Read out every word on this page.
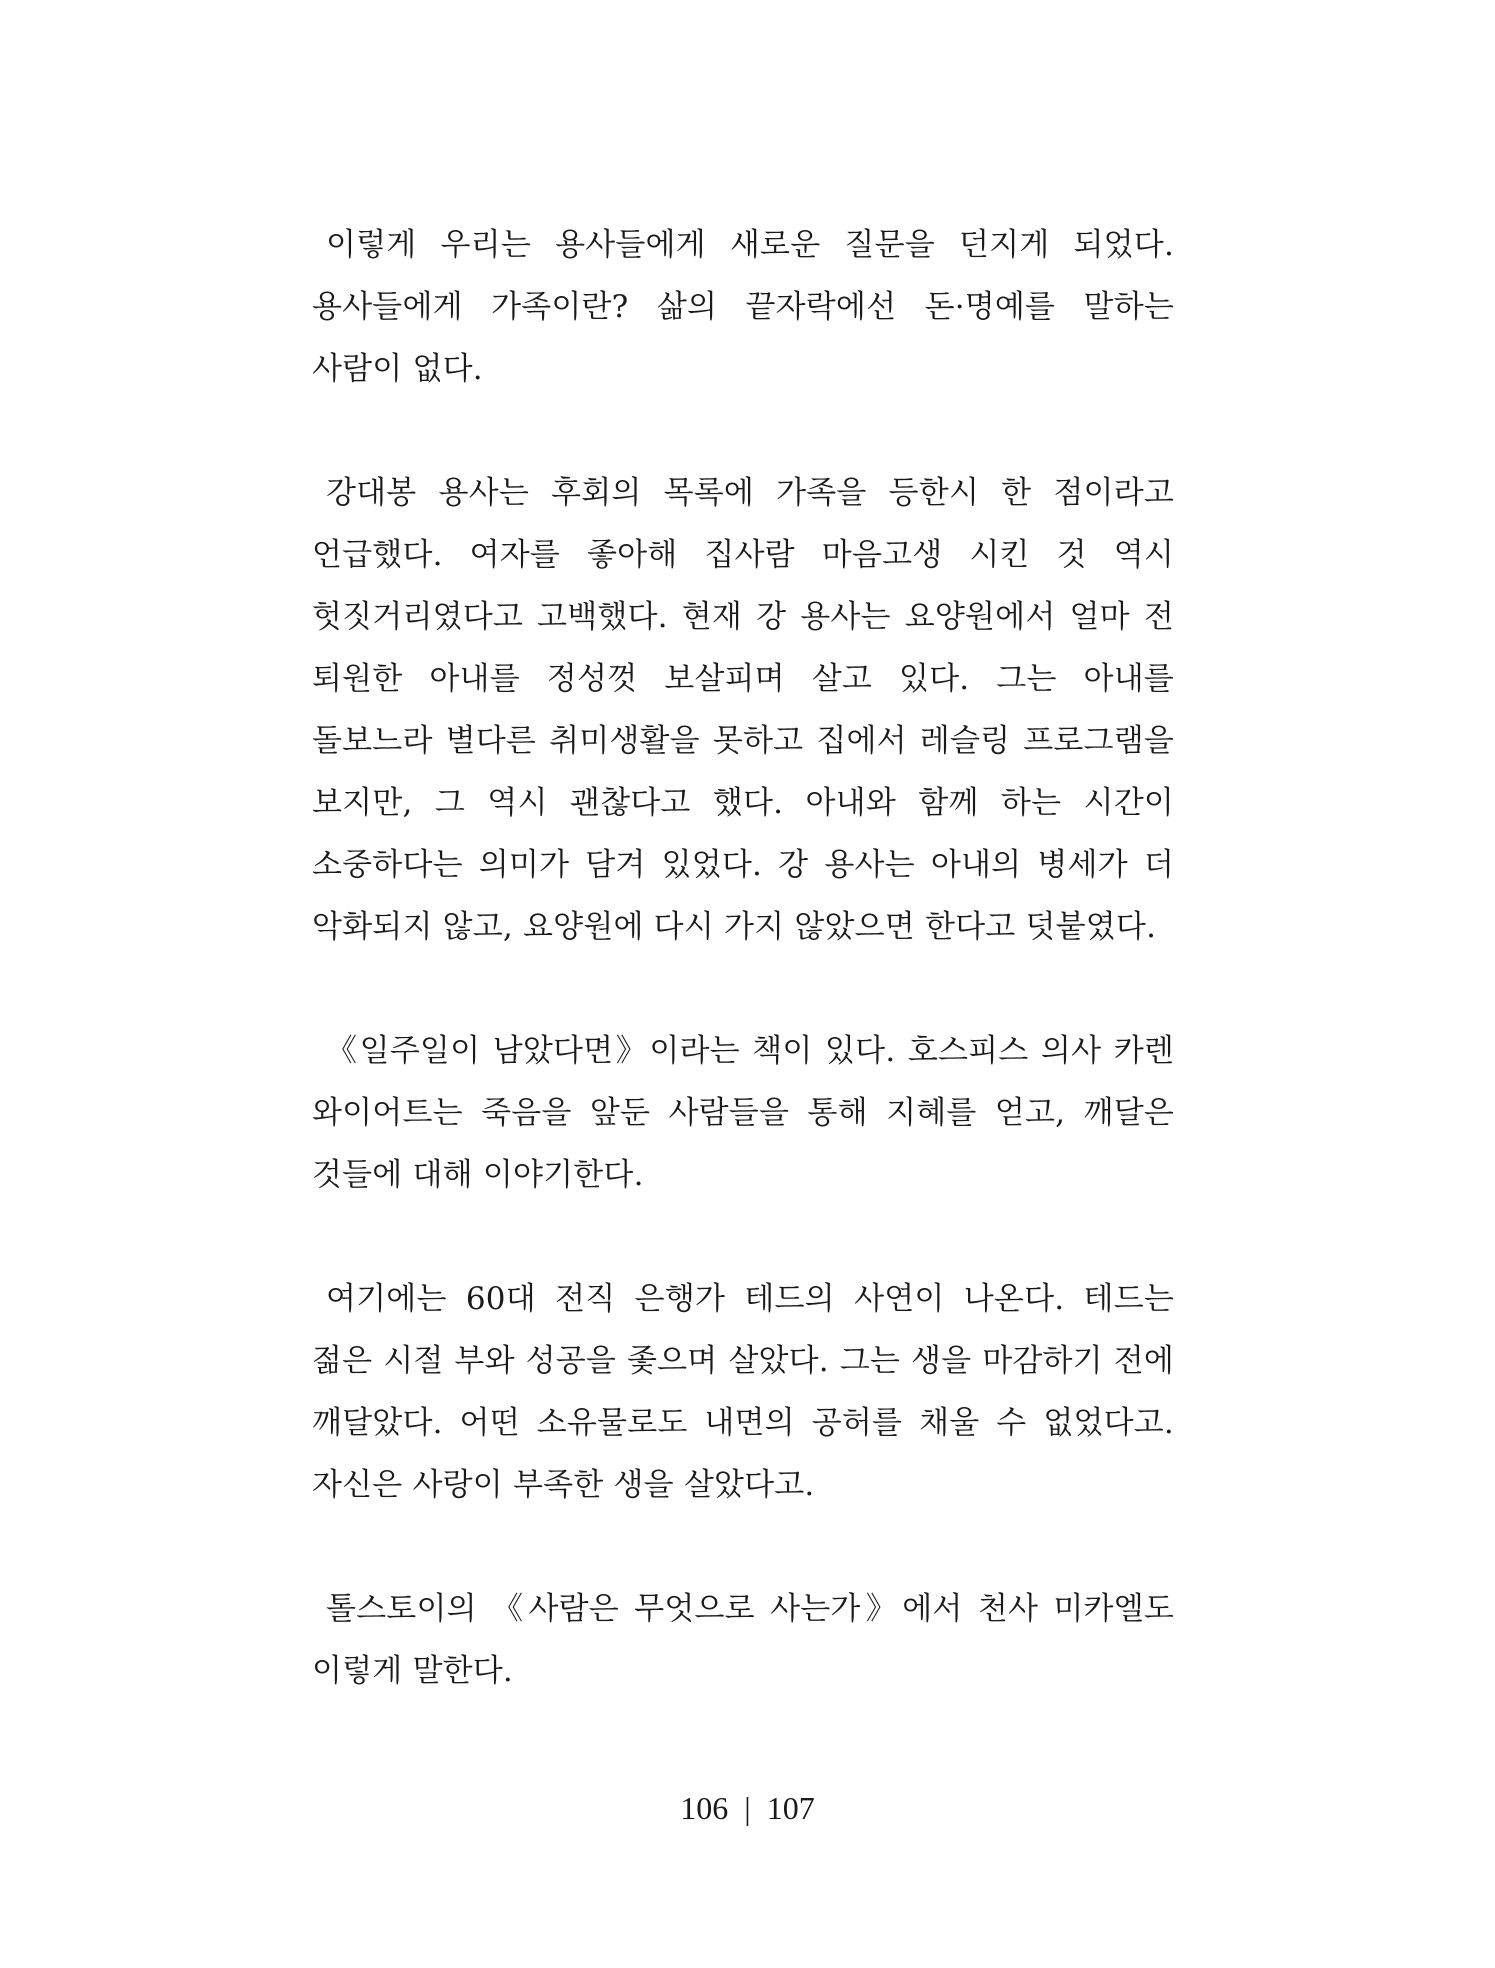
이렇게 우리는 용사들에게 새로운 질문을 던지게 되었다. 용사들에게 가족이란? 삶의 끝자락에선 돈·명예를 말하는 사람이 없다.

강대봉 용사는 후회의 목록에 가족을 등한시 한 점이라고 언급했다. 여자를 좋아해 집사람 마음고생 시킨 것 역시 헛짓거리였다고 고백했다. 현재 강 용사는 요양원에서 얼마 전 퇴원한 아내를 정성껏 보살피며 살고 있다. 그는 아내를 돌보느라 별다른 취미생활을 못하고 집에서 레슬링 프로그램을 보지만, 그 역시 괜찮다고 했다. 아내와 함께 하는 시간이 소중하다는 의미가 담겨 있었다. 강 용사는 아내의 병세가 더 악화되지 않고, 요양원에 다시 가지 않았으면 한다고 덧붙였다.

《일주일이 남았다면》이라는 책이 있다. 호스피스 의사 카렌 와이어트는 죽음을 앞둔 사람들을 통해 지혜를 얻고, 깨달은 것들에 대해 이야기한다.

여기에는 60대 전직 은행가 테드의 사연이 나온다. 테드는 젊은 시절 부와 성공을 좇으며 살았다. 그는 생을 마감하기 전에 깨달았다. 어떤 소유물로도 내면의 공허를 채울 수 없었다고. 자신은 사랑이 부족한 생을 살았다고.

톨스토이의 《사람은 무엇으로 사는가》에서 천사 미카엘도 이렇게 말한다.

106 | 107
